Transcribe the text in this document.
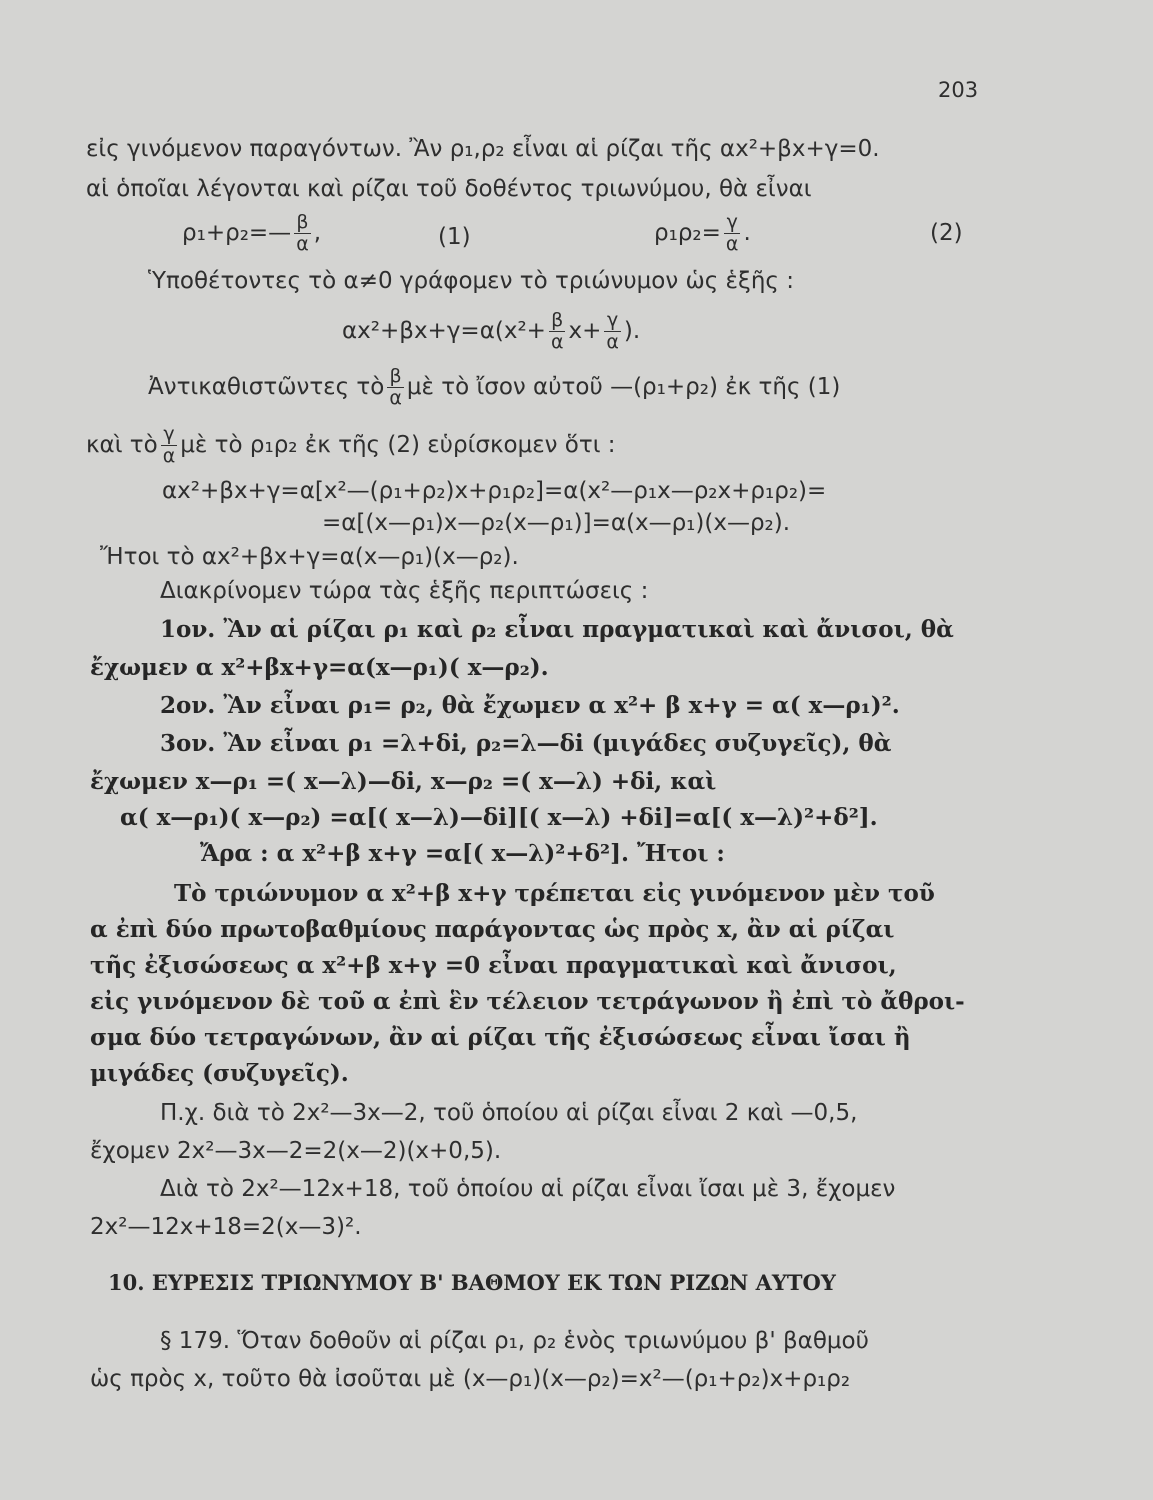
203
εἰς γινόμενον παραγόντων. Ἂν ρ₁,ρ₂ εἶναι αἱ ρίζαι τῆς αx²+βx+γ=0.
αἱ ὁποῖαι λέγονται καὶ ρίζαι τοῦ δοθέντος τριωνύμου, θὰ εἶναι
ρ₁+ρ₂=— $\frac{\beta}{\alpha}$ ,	(1)	$\rho_1\rho_2= \frac{\gamma}{\alpha}$ .	(2)
Ὑποθέτοντες τὸ α≠0 γράφομεν τὸ τριώνυμον ὡς ἑξῆς :
$\alpha x^2+\beta x+\gamma=\alpha(x^2+ \frac{\beta}{\alpha} x+ \frac{\gamma}{\alpha}$ ).
Ἀντικαθιστῶντες τὸ $\frac{\beta}{\alpha}$ μὲ τὸ ἴσον αὐτοῦ —(ρ₁+ρ₂) ἐκ τῆς (1)
καὶ τὸ $\frac{\gamma}{\alpha}$ μὲ τὸ ρ₁ρ₂ ἐκ τῆς (2) εὑρίσκομεν ὅτι :
αx²+βx+γ=α[x²—(ρ₁+ρ₂)x+ρ₁ρ₂]=α(x²—ρ₁x—ρ₂x+ρ₁ρ₂)=
=α[(x—ρ₁)x—ρ₂(x—ρ₁)]=α(x—ρ₁)(x—ρ₂).
Ἤτοι τὸ αx²+βx+γ=α(x—ρ₁)(x—ρ₂).
Διακρίνομεν τώρα τὰς ἑξῆς περιπτώσεις :
1ον. Ἂν αἱ ρίζαι ρ₁ καὶ ρ₂ εἶναι πραγματικαὶ καὶ ἄνισοι, θὰ
ἔχωμεν α x²+βx+γ=α(x—ρ₁)( x—ρ₂).
2ον. Ἂν εἶναι ρ₁= ρ₂, θὰ ἔχωμεν α x²+ β x+γ = α( x—ρ₁)².
3ον. Ἂν εἶναι ρ₁ =λ+δi, ρ₂=λ—δi (μιγάδες συζυγεῖς), θὰ
ἔχωμεν x—ρ₁ =( x—λ)—δi, x—ρ₂ =( x—λ) +δi, καὶ
α( x—ρ₁)( x—ρ₂) =α[( x—λ)—δi][( x—λ) +δi]=α[( x—λ)²+δ²].
Ἄρα : α x²+β x+γ =α[( x—λ)²+δ²]. Ἤτοι :
Τὸ τριώνυμον α x²+β x+γ τρέπεται εἰς γινόμενον μὲν τοῦ
α ἐπὶ δύο πρωτοβαθμίους παράγοντας ὡς πρὸς x, ἂν αἱ ρίζαι
τῆς ἐξισώσεως α x²+β x+γ =0 εἶναι πραγματικαὶ καὶ ἄνισοι,
εἰς γινόμενον δὲ τοῦ α ἐπὶ ἓν τέλειον τετράγωνον ἢ ἐπὶ τὸ ἄθροι-
σμα δύο τετραγώνων, ἂν αἱ ρίζαι τῆς ἐξισώσεως εἶναι ἴσαι ἢ
μιγάδες (συζυγεῖς).
Π.χ. διὰ τὸ 2x²—3x—2, τοῦ ὁποίου αἱ ρίζαι εἶναι 2 καὶ —0,5,
ἔχομεν 2x²—3x—2=2(x—2)(x+0,5).
Διὰ τὸ 2x²—12x+18, τοῦ ὁποίου αἱ ρίζαι εἶναι ἴσαι μὲ 3, ἔχομεν
2x²—12x+18=2(x—3)².
10. ΕΥΡΕΣΙΣ ΤΡΙΩΝΥΜΟΥ Β' ΒΑΘΜΟΥ ΕΚ ΤΩΝ ΡΙΖΩΝ ΑΥΤΟΥ
§ 179. Ὅταν δοθοῦν αἱ ρίζαι ρ₁, ρ₂ ἑνὸς τριωνύμου β' βαθμοῦ
ὡς πρὸς x, τοῦτο θὰ ἰσοῦται μὲ (x—ρ₁)(x—ρ₂)=x²—(ρ₁+ρ₂)x+ρ₁ρ₂
